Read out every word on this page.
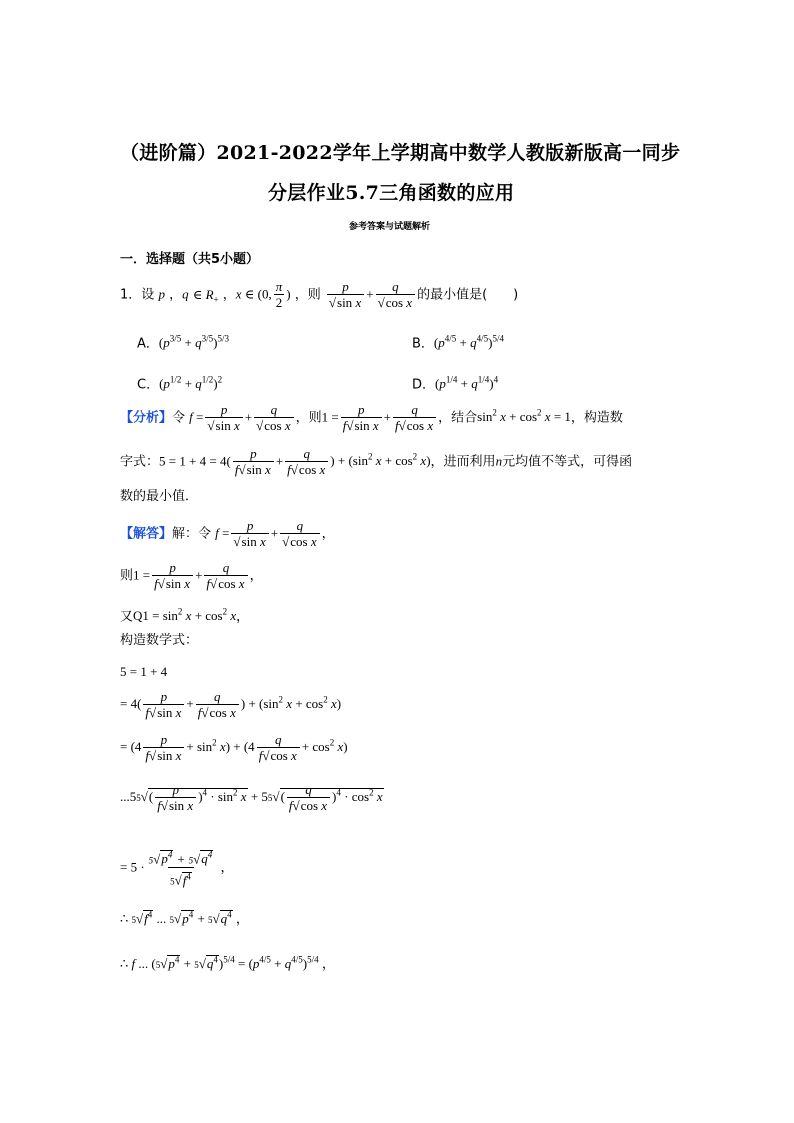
（进阶篇）2021-2022学年上学期高中数学人教版新版高一同步
分层作业5.7三角函数的应用
参考答案与试题解析
一．选择题（共5小题）
1．设 p ，q ∈ $R_+$ ，x ∈ (0, $\frac{\pi}{2}$ ) ，则 $\frac{p}{\text{√sin x}} + \frac{q}{\text{√cos x}}$ 的最小值是(　　)
A．$(p^{3/5} + q^{3/5})^{5/3}$	B．$(p^{4/5} + q^{4/5})^{5/4}$
C．$(p^{1/2} + q^{1/2})^2$	D．$(p^{1/4} + q^{1/4})^4$
【分析】令 $f = \frac{p}{\text{√sin x}} + \frac{q}{\text{√cos x}}$ ，则$1 = \frac{p}{\text{f√sin x}} + \frac{q}{\text{f√cos x}}$ ，结合$\sin^2 x + \cos^2 x = 1$，构造数
字式：$5 = 1 + 4 = 4( \frac{p}{\text{f√sin x}} + \frac{q}{\text{f√cos x}}$ ) + ($\sin^2$ $x + \cos^2 x$)，进而利用n元均值不等式，可得函
数的最小值．
【解答】解：令 $f = \frac{p}{\text{√sin x}} + \frac{q}{\text{√cos x}}$ ，
则$1 = \frac{p}{\text{f√sin x}} + \frac{q}{\text{f√cos x}}$ ，
又$Q1 = \sin^2 x + \cos^2 x$，
构造数学式：
5 = 1 + 4
= $4( \frac{p}{\text{f√sin x}} + \frac{q}{\text{f√cos x}}$ ) + ($\sin^2$ $x + \cos^2 x$)
= $(4 \frac{p}{\text{f√sin x}} + \sin^2 x) + (4 \frac{q}{\text{f√cos x}} + \cos^2 x)$
$...55√( \frac{p}{\text{f√sin x}} )^4 \cdot \sin^2 x + 55√( \frac{q}{\text{f√cos x}} )^4 \cdot \cos^2 x$
= $5 \cdot \frac{5√p^4 + 5√q^4}{5√f^4}$ ，
∴ $5√f^4$ ... $5√p^4 + 5√q^4$ ，
∴ f ... $(5√p^4 + 5√q^4)^{5/4} = (p^{4/5} + q^{4/5})^{5/4}$ ，
